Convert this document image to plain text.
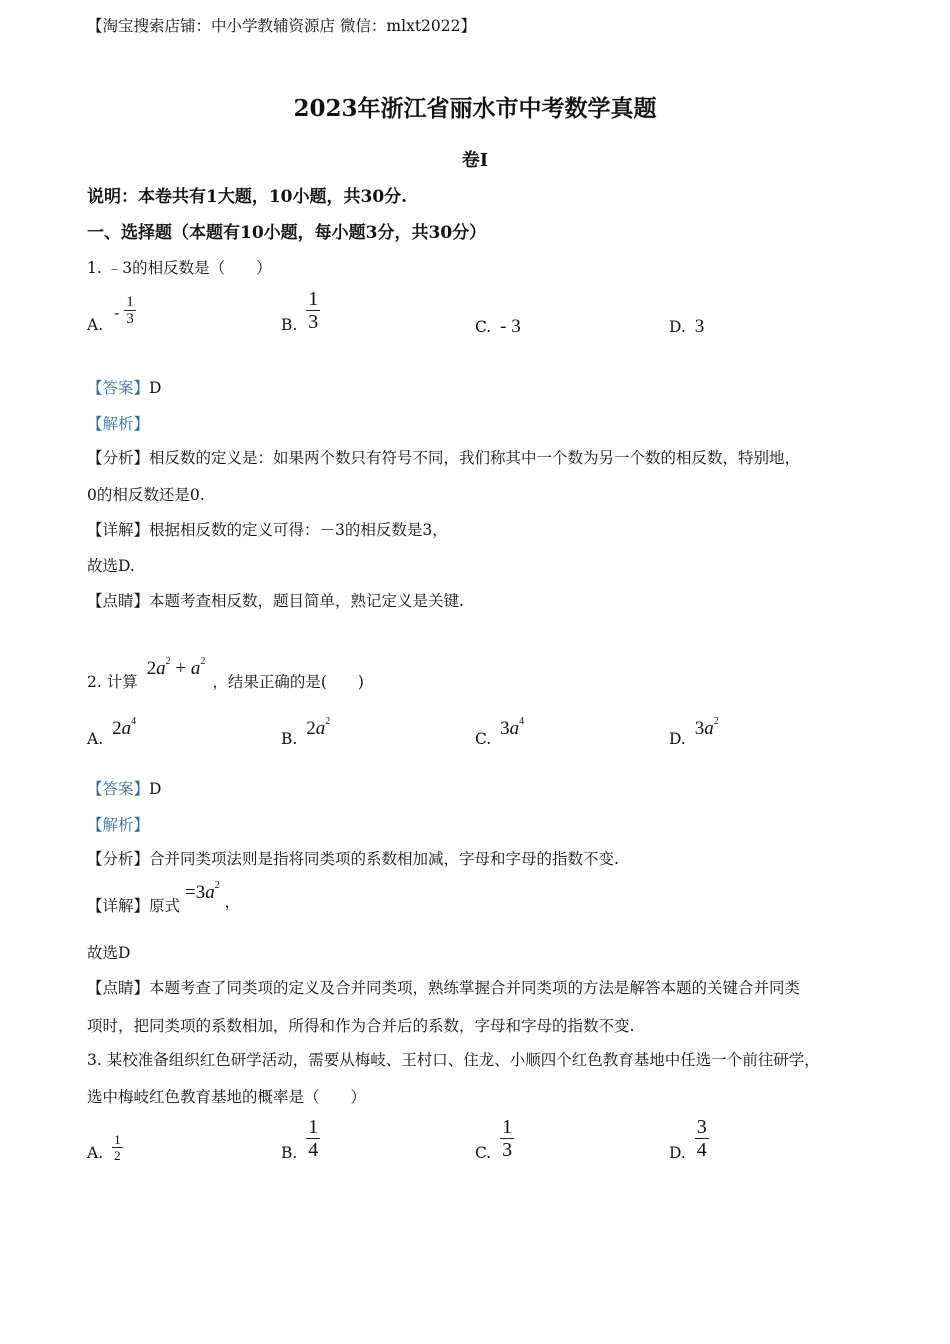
【淘宝搜索店铺：中小学教辅资源店 微信：mlxt2022】
2023年浙江省丽水市中考数学真题
卷Ⅰ
说明：本卷共有1大题，10小题，共30分.
一、选择题（本题有10小题，每小题3分，共30分）
1. ﹣3的相反数是（　　）
A. - $\frac{1}{3}$	B. $\frac{1}{3}$	C. - 3	D. 3
【答案】D
【解析】
【分析】相反数的定义是：如果两个数只有符号不同，我们称其中一个数为另一个数的相反数，特别地，
0的相反数还是0.
【详解】根据相反数的定义可得：－3的相反数是3，
故选D.
【点睛】本题考查相反数，题目简单，熟记定义是关键.
2. 计算 $2a^2 + a^2$ ，结果正确的是(　　)
A. $2a^4$
B. $2a^2$
C. $3a^4$
D. $3a^2$
【答案】D
【解析】
【分析】合并同类项法则是指将同类项的系数相加减，字母和字母的指数不变.
【详解】原式 $=3a^2$ ，
故选D
【点睛】本题考查了同类项的定义及合并同类项，熟练掌握合并同类项的方法是解答本题的关键合并同类
项时，把同类项的系数相加，所得和作为合并后的系数，字母和字母的指数不变.
3. 某校准备组织红色研学活动，需要从梅岐、王村口、住龙、小顺四个红色教育基地中任选一个前往研学，
选中梅岐红色教育基地的概率是（　　）
A. $\frac{1}{2}$	B. $\frac{1}{4}$	C. $\frac{1}{3}$	D. $\frac{3}{4}$
